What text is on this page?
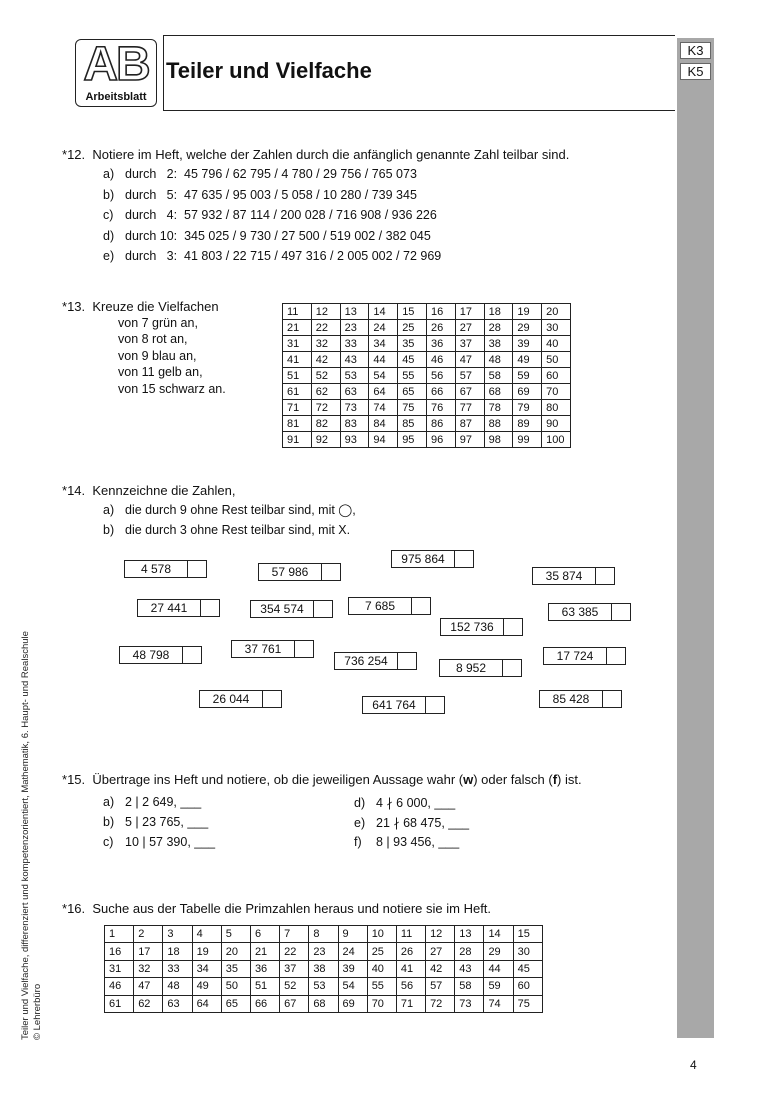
K3
K5
AB
Arbeitsblatt
Teiler und Vielfache
*12. Notiere im Heft, welche der Zahlen durch die anfänglich genannte Zahl teilbar sind.
a) durch   2:  45 796 / 62 795 / 4 780 / 29 756 / 765 073
b) durch   5:  47 635 / 95 003 / 5 058 / 10 280 / 739 345
c) durch   4:  57 932 / 87 114 / 200 028 / 716 908 / 936 226
d) durch 10:  345 025 / 9 730 / 27 500 / 519 002 / 382 045
e) durch   3:  41 803 / 22 715 / 497 316 / 2 005 002 / 72 969
*13. Kreuze die Vielfachen
von 7 grün an,
von 8 rot an,
von 9 blau an,
von 11 gelb an,
von 15 schwarz an.
11	12	13	14	15	16	17	18	19	20
21	22	23	24	25	26	27	28	29	30
31	32	33	34	35	36	37	38	39	40
41	42	43	44	45	46	47	48	49	50
51	52	53	54	55	56	57	58	59	60
61	62	63	64	65	66	67	68	69	70
71	72	73	74	75	76	77	78	79	80
81	82	83	84	85	86	87	88	89	90
91	92	93	94	95	96	97	98	99	100
*14. Kennzeichne die Zahlen,
a) die durch 9 ohne Rest teilbar sind, mit ◯,
b) die durch 3 ohne Rest teilbar sind, mit X.
4 578	57 986
975 864
35 874
27 441	354 574	7 685	63 385
152 736
48 798	37 761
736 254	8 952
17 724
26 044	641 764	85 428
*15. Übertrage ins Heft und notiere, ob die jeweiligen Aussage wahr (w) oder falsch (f) ist.
a) 2 | 2 649, ___	d) 4 ∤ 6 000, ___
b) 5 | 23 765, ___	e) 21 ∤ 68 475, ___
c) 10 | 57 390, ___	f) 8 | 93 456, ___
*16. Suche aus der Tabelle die Primzahlen heraus und notiere sie im Heft.
1	2	3	4	5	6	7	8	9	10	11	12	13	14	15
16	17	18	19	20	21	22	23	24	25	26	27	28	29	30
31	32	33	34	35	36	37	38	39	40	41	42	43	44	45
46	47	48	49	50	51	52	53	54	55	56	57	58	59	60
61	62	63	64	65	66	67	68	69	70	71	72	73	74	75
Teiler und Vielfache, differenziert und kompetenzorientiert, Mathematik, 6. Haupt- und Realschule © Lehrerbüro
4
